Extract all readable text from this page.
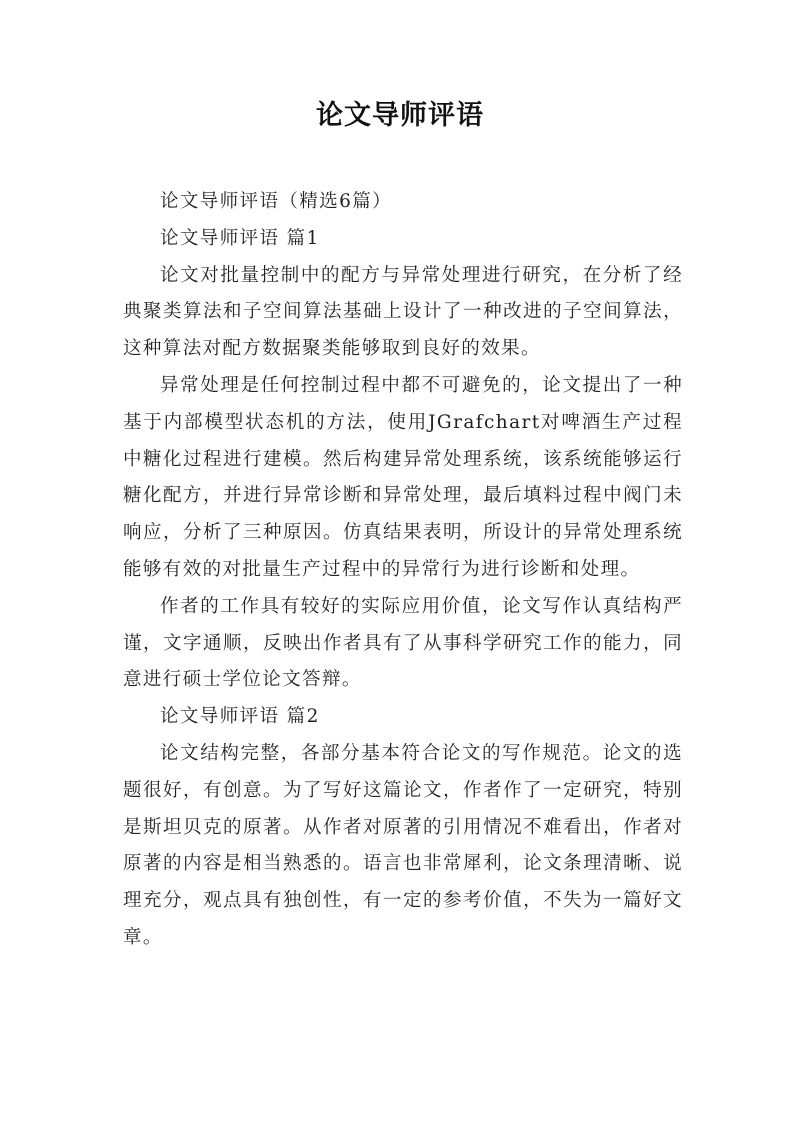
论文导师评语

论文导师评语（精选6篇）

论文导师评语 篇1

论文对批量控制中的配方与异常处理进行研究，在分析了经典聚类算法和子空间算法基础上设计了一种改进的子空间算法，这种算法对配方数据聚类能够取到良好的效果。

异常处理是任何控制过程中都不可避免的，论文提出了一种基于内部模型状态机的方法，使用JGrafchart对啤酒生产过程中糖化过程进行建模。然后构建异常处理系统，该系统能够运行糖化配方，并进行异常诊断和异常处理，最后填料过程中阀门未响应，分析了三种原因。仿真结果表明，所设计的异常处理系统能够有效的对批量生产过程中的异常行为进行诊断和处理。

作者的工作具有较好的实际应用价值，论文写作认真结构严谨，文字通顺，反映出作者具有了从事科学研究工作的能力，同意进行硕士学位论文答辩。

论文导师评语 篇2

论文结构完整，各部分基本符合论文的写作规范。论文的选题很好，有创意。为了写好这篇论文，作者作了一定研究，特别是斯坦贝克的原著。从作者对原著的引用情况不难看出，作者对原著的内容是相当熟悉的。语言也非常犀利，论文条理清晰、说理充分，观点具有独创性，有一定的参考价值，不失为一篇好文章。
